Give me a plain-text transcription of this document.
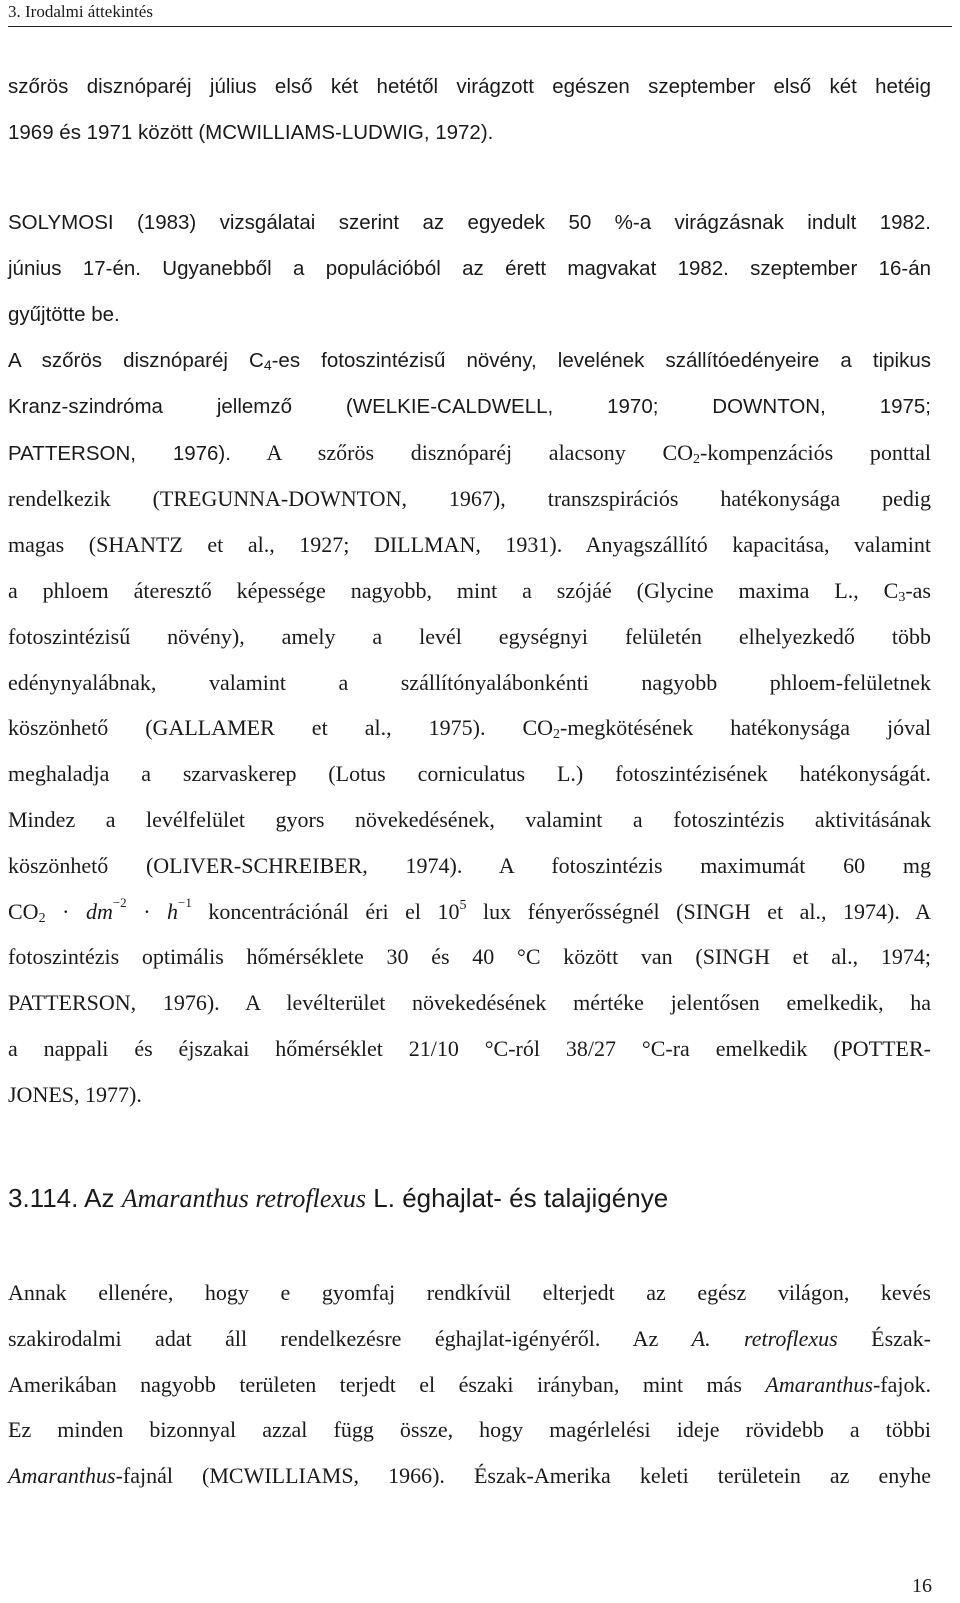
3. Irodalmi áttekintés

szőrös disznóparéj július első két hetétől virágzott egészen szeptember első két hetéig
1969 és 1971 között (MCWILLIAMS-LUDWIG, 1972).

SOLYMOSI (1983) vizsgálatai szerint az egyedek 50 %-a virágzásnak indult 1982.
június 17-én. Ugyanebből a populációból az érett magvakat 1982. szeptember 16-án
gyűjtötte be.

A szőrös disznóparéj $C_4-es$ fotoszintézisű növény, levelének szállítóedényeire a tipikus
Kranz-szindróma jellemző (WELKIE-CALDWELL, 1970; DOWNTON, 1975;
PATTERSON, 1976). A szőrös disznóparéj alacsony $CO_2$-kompenzációs ponttal
rendelkezik (TREGUNNA-DOWNTON, 1967), transzspirációs hatékonysága pedig
magas (SHANTZ et al., 1927; DILLMAN, 1931). Anyagszállító kapacitása, valamint
a phloem áteresztő képessége nagyobb, mint a szójáé (Glycine maxima L., $C_3-as$
fotoszintézisű növény), amely a levél egységnyi felületén elhelyezkedő több
edénynyalábnak, valamint a szállítónyalábonkénti nagyobb phloem-felületnek
köszönhető (GALLAMER et al., 1975). $CO_2$-megkötésének hatékonysága jóval
meghaladja a szarvaskerep (Lotus corniculatus L.) fotoszintézisének hatékonyságát.
Mindez a levélfelület gyors növekedésének, valamint a fotoszintézis aktivitásának
köszönhető (OLIVER-SCHREIBER, 1974). A fotoszintézis maximumát 60 mg
$CO_2 \cdot dm^{-2} \cdot h^{-1}$ koncentrációnál éri el $10^5$ lux fényerősségnél (SINGH et al., 1974). A
fotoszintézis optimális hőmérséklete 30 és 40 °C között van (SINGH et al., 1974;
PATTERSON, 1976). A levélterület növekedésének mértéke jelentősen emelkedik, ha
a nappali és éjszakai hőmérséklet 21/10 °C-ról 38/27 °C-ra emelkedik (POTTER-
JONES, 1977).

3.114. Az Amaranthus retroflexus L. éghajlat- és talajigénye

Annak ellenére, hogy e gyomfaj rendkívül elterjedt az egész világon, kevés
szakirodalmi adat áll rendelkezésre éghajlat-igényéről. Az A. retroflexus Észak-
Amerikában nagyobb területen terjedt el északi irányban, mint más Amaranthus-fajok.
Ez minden bizonnyal azzal függ össze, hogy magérlelési ideje rövidebb a többi
Amaranthus-fajnál (MCWILLIAMS, 1966). Észak-Amerika keleti területein az enyhe

16
